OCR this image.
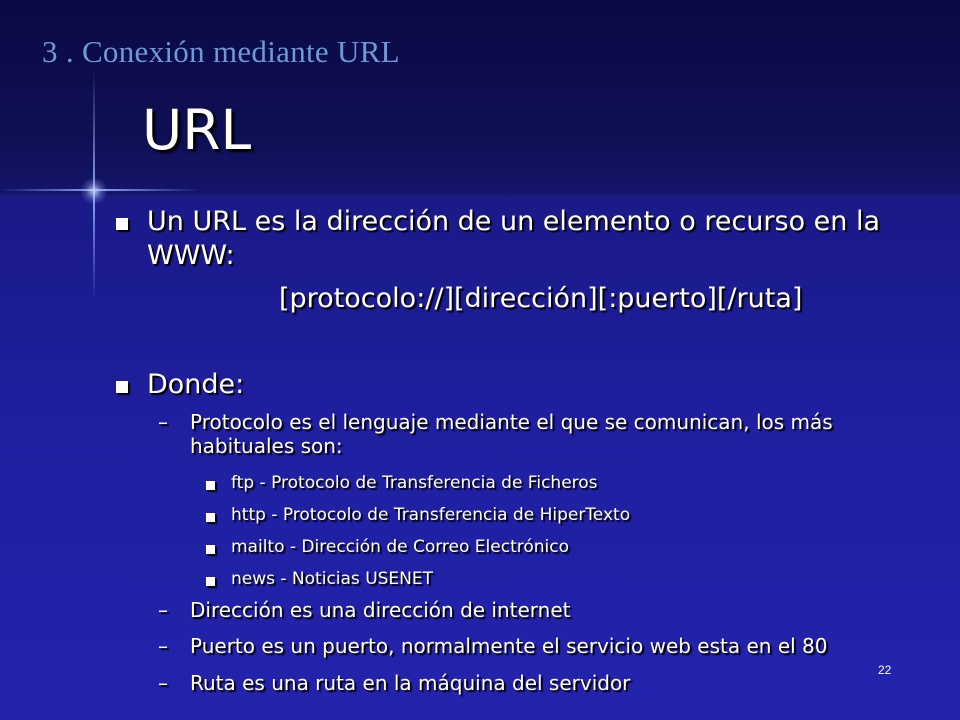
3 . Conexión mediante URL
URL
Un URL es la dirección de un elemento o recurso en la
WWW:
[protocolo://][dirección][:puerto][/ruta]
Donde:
– Protocolo es el lenguaje mediante el que se comunican, los más
habituales son:
ftp - Protocolo de Transferencia de Ficheros
http - Protocolo de Transferencia de HiperTexto
mailto - Dirección de Correo Electrónico
news - Noticias USENET
– Dirección es una dirección de internet
– Puerto es un puerto, normalmente el servicio web esta en el 80
– Ruta es una ruta en la máquina del servidor
22
